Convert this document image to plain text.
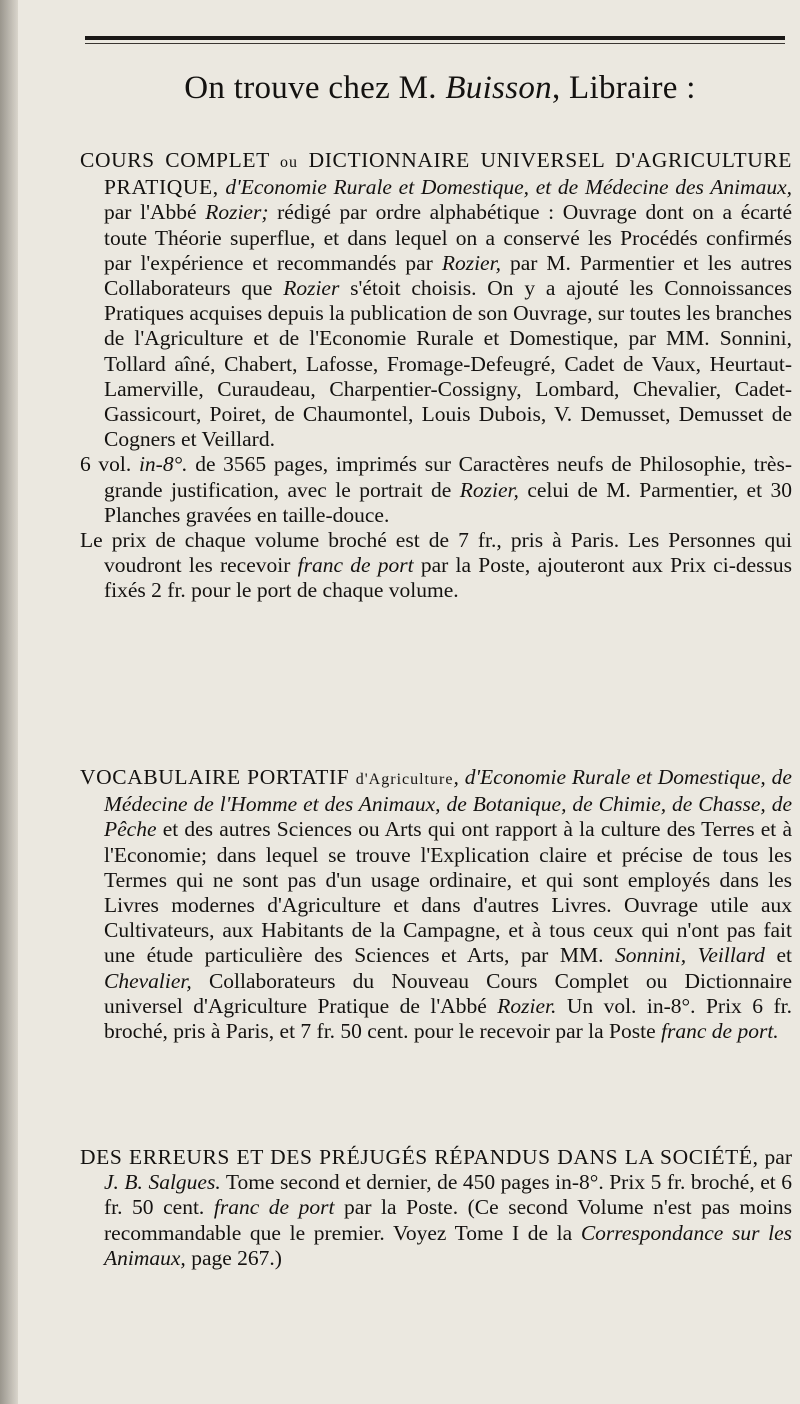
On trouve chez M. Buisson, Libraire :

COURS COMPLET ou DICTIONNAIRE UNIVERSEL D'AGRICULTURE PRATIQUE, d'Economie Rurale et Domestique, et de Médecine des Animaux, par l'Abbé Rozier; rédigé par ordre alphabétique : Ouvrage dont on a écarté toute Théorie superflue, et dans lequel on a conservé les Procédés confirmés par l'expérience et recommandés par Rozier, par M. Parmentier et les autres Collaborateurs que Rozier s'étoit choisis. On y a ajouté les Connoissances Pratiques acquises depuis la publication de son Ouvrage, sur toutes les branches de l'Agriculture et de l'Economie Rurale et Domestique, par MM. Sonnini, Tollard aîné, Chabert, Lafosse, Fromage-Defeugré, Cadet de Vaux, Heurtaut-Lamerville, Curaudeau, Charpentier-Cossigny, Lombard, Chevalier, Cadet-Gassicourt, Poiret, de Chaumontel, Louis Dubois, V. Demusset, Demusset de Cogners et Veillard.

6 vol. in-8°. de 3565 pages, imprimés sur Caractères neufs de Philosophie, très-grande justification, avec le portrait de Rozier, celui de M. Parmentier, et 30 Planches gravées en taille-douce.

Le prix de chaque volume broché est de 7 fr., pris à Paris. Les Personnes qui voudront les recevoir franc de port par la Poste, ajouteront aux Prix ci-dessus fixés 2 fr. pour le port de chaque volume.

VOCABULAIRE PORTATIF d'Agriculture, d'Economie Rurale et Domestique, de Médecine de l'Homme et des Animaux, de Botanique, de Chimie, de Chasse, de Pêche et des autres Sciences ou Arts qui ont rapport à la culture des Terres et à l'Economie; dans lequel se trouve l'Explication claire et précise de tous les Termes qui ne sont pas d'un usage ordinaire, et qui sont employés dans les Livres modernes d'Agriculture et dans d'autres Livres. Ouvrage utile aux Cultivateurs, aux Habitants de la Campagne, et à tous ceux qui n'ont pas fait une étude particulière des Sciences et Arts, par MM. Sonnini, Veillard et Chevalier, Collaborateurs du Nouveau Cours Complet ou Dictionnaire universel d'Agriculture Pratique de l'Abbé Rozier. Un vol. in-8°. Prix 6 fr. broché, pris à Paris, et 7 fr. 50 cent. pour le recevoir par la Poste franc de port.

DES ERREURS ET DES PRÉJUGÉS RÉPANDUS DANS LA SOCIÉTÉ, par J. B. Salgues. Tome second et dernier, de 450 pages in-8°. Prix 5 fr. broché, et 6 fr. 50 cent. franc de port par la Poste. (Ce second Volume n'est pas moins recommandable que le premier. Voyez Tome I de la Correspondance sur les Animaux, page 267.)
